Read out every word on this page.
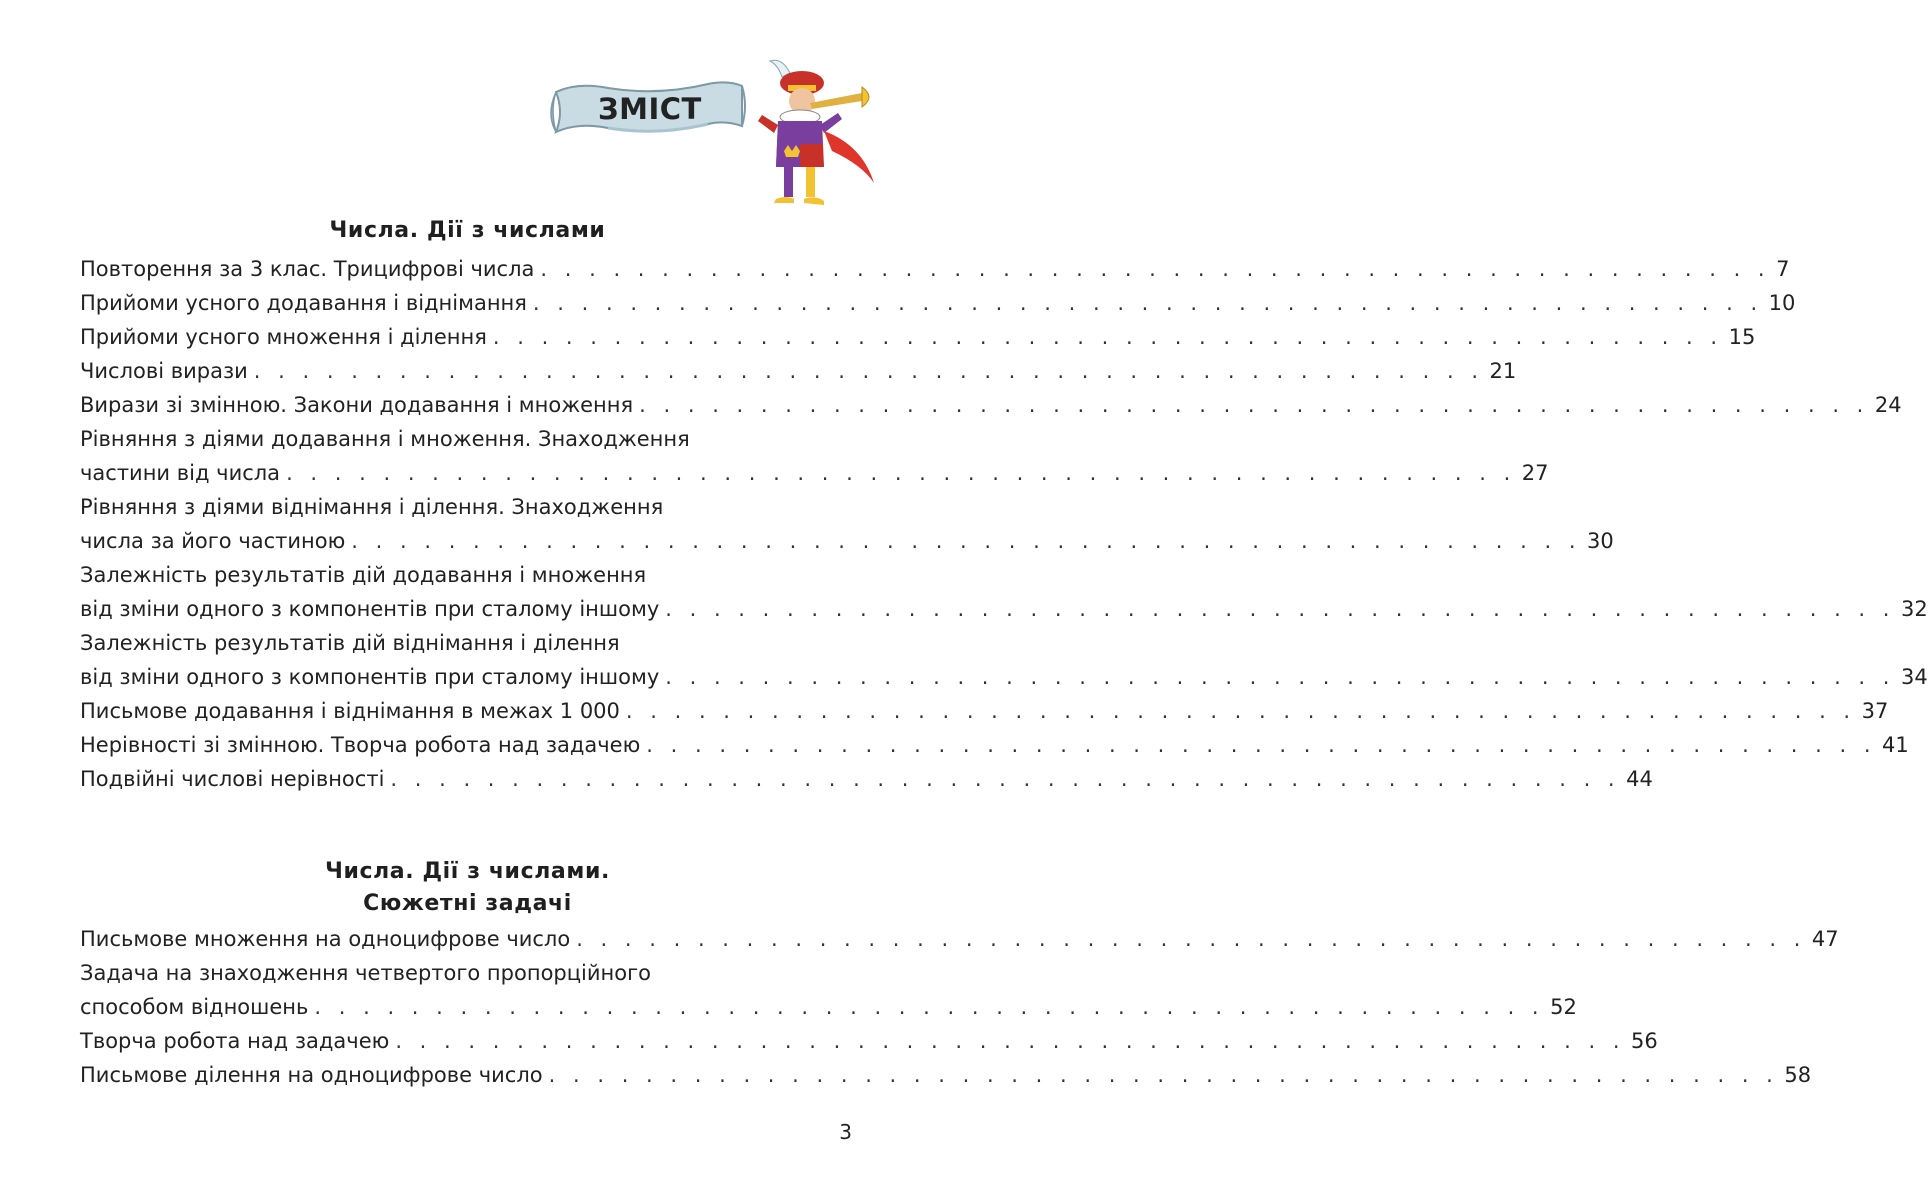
ЗМІСТ
Числа. Дії з числами
Повторення за 3 клас. Трицифрові числа . . . . . . . . . . . . . . . . . . . . . . . . . . . . . . . . . . . . . . . . . . . . . . . . . . . 7
Прийоми усного додавання і віднімання . . . . . . . . . . . . . . . . . . . . . . . . . . . . . . . . . . . . . . . . . . . . . . . . . . . 10
Прийоми усного множення і ділення . . . . . . . . . . . . . . . . . . . . . . . . . . . . . . . . . . . . . . . . . . . . . . . . . . . 15
Числові вирази . . . . . . . . . . . . . . . . . . . . . . . . . . . . . . . . . . . . . . . . . . . . . . . . . . . 21
Вирази зі змінною. Закони додавання і множення . . . . . . . . . . . . . . . . . . . . . . . . . . . . . . . . . . . . . . . . . . . . . . . . . . . 24
Рівняння з діями додавання і множення. Знаходження
частини від числа . . . . . . . . . . . . . . . . . . . . . . . . . . . . . . . . . . . . . . . . . . . . . . . . . . . 27
Рівняння з діями віднімання і ділення. Знаходження
числа за його частиною . . . . . . . . . . . . . . . . . . . . . . . . . . . . . . . . . . . . . . . . . . . . . . . . . . . 30
Залежність результатів дій додавання і множення
від зміни одного з компонентів при сталому іншому . . . . . . . . . . . . . . . . . . . . . . . . . . . . . . . . . . . . . . . . . . . . . . . . . . . 32
Залежність результатів дій віднімання і ділення
від зміни одного з компонентів при сталому іншому . . . . . . . . . . . . . . . . . . . . . . . . . . . . . . . . . . . . . . . . . . . . . . . . . . . 34
Письмове додавання і віднімання в межах 1 000 . . . . . . . . . . . . . . . . . . . . . . . . . . . . . . . . . . . . . . . . . . . . . . . . . . . 37
Нерівності зі змінною. Творча робота над задачею . . . . . . . . . . . . . . . . . . . . . . . . . . . . . . . . . . . . . . . . . . . . . . . . . . . 41
Подвійні числові нерівності . . . . . . . . . . . . . . . . . . . . . . . . . . . . . . . . . . . . . . . . . . . . . . . . . . . 44
Числа. Дії з числами.
Сюжетні задачі
Письмове множення на одноцифрове число . . . . . . . . . . . . . . . . . . . . . . . . . . . . . . . . . . . . . . . . . . . . . . . . . . . 47
Задача на знаходження четвертого пропорційного
способом відношень . . . . . . . . . . . . . . . . . . . . . . . . . . . . . . . . . . . . . . . . . . . . . . . . . . . 52
Творча робота над задачею . . . . . . . . . . . . . . . . . . . . . . . . . . . . . . . . . . . . . . . . . . . . . . . . . . . 56
Письмове ділення на одноцифрове число . . . . . . . . . . . . . . . . . . . . . . . . . . . . . . . . . . . . . . . . . . . . . . . . . . . 58
3
